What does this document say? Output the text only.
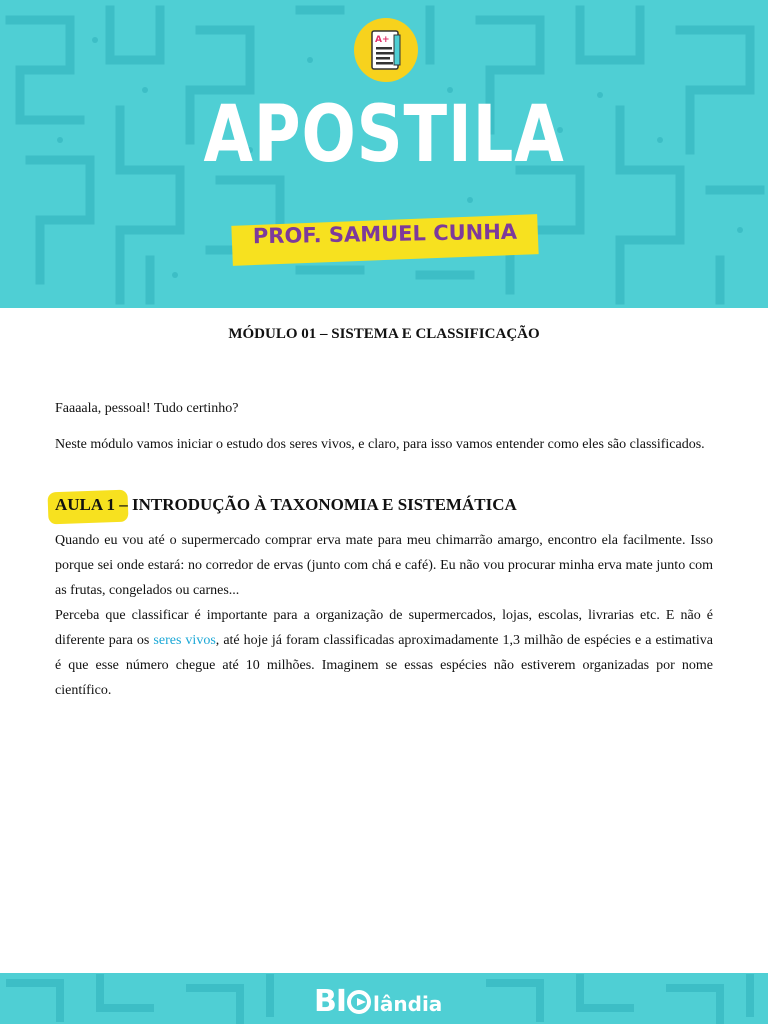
A+
APOSTILA
PROF. SAMUEL CUNHA
MÓDULO 01 – SISTEMA E CLASSIFICAÇÃO
Faaaala, pessoal! Tudo certinho?
Neste módulo vamos iniciar o estudo dos seres vivos, e claro, para isso vamos entender como eles são classificados.
AULA 1 – INTRODUÇÃO À TAXONOMIA E SISTEMÁTICA
Quando eu vou até o supermercado comprar erva mate para meu chimarrão amargo, encontro ela facilmente. Isso porque sei onde estará: no corredor de ervas (junto com chá e café). Eu não vou procurar minha erva mate junto com as frutas, congelados ou carnes...
Perceba que classificar é importante para a organização de supermercados, lojas, escolas, livrarias etc. E não é diferente para os seres vivos, até hoje já foram classificadas aproximadamente 1,3 milhão de espécies e a estimativa é que esse número chegue até 10 milhões. Imaginem se essas espécies não estiverem organizadas por nome científico.
BI lândia
